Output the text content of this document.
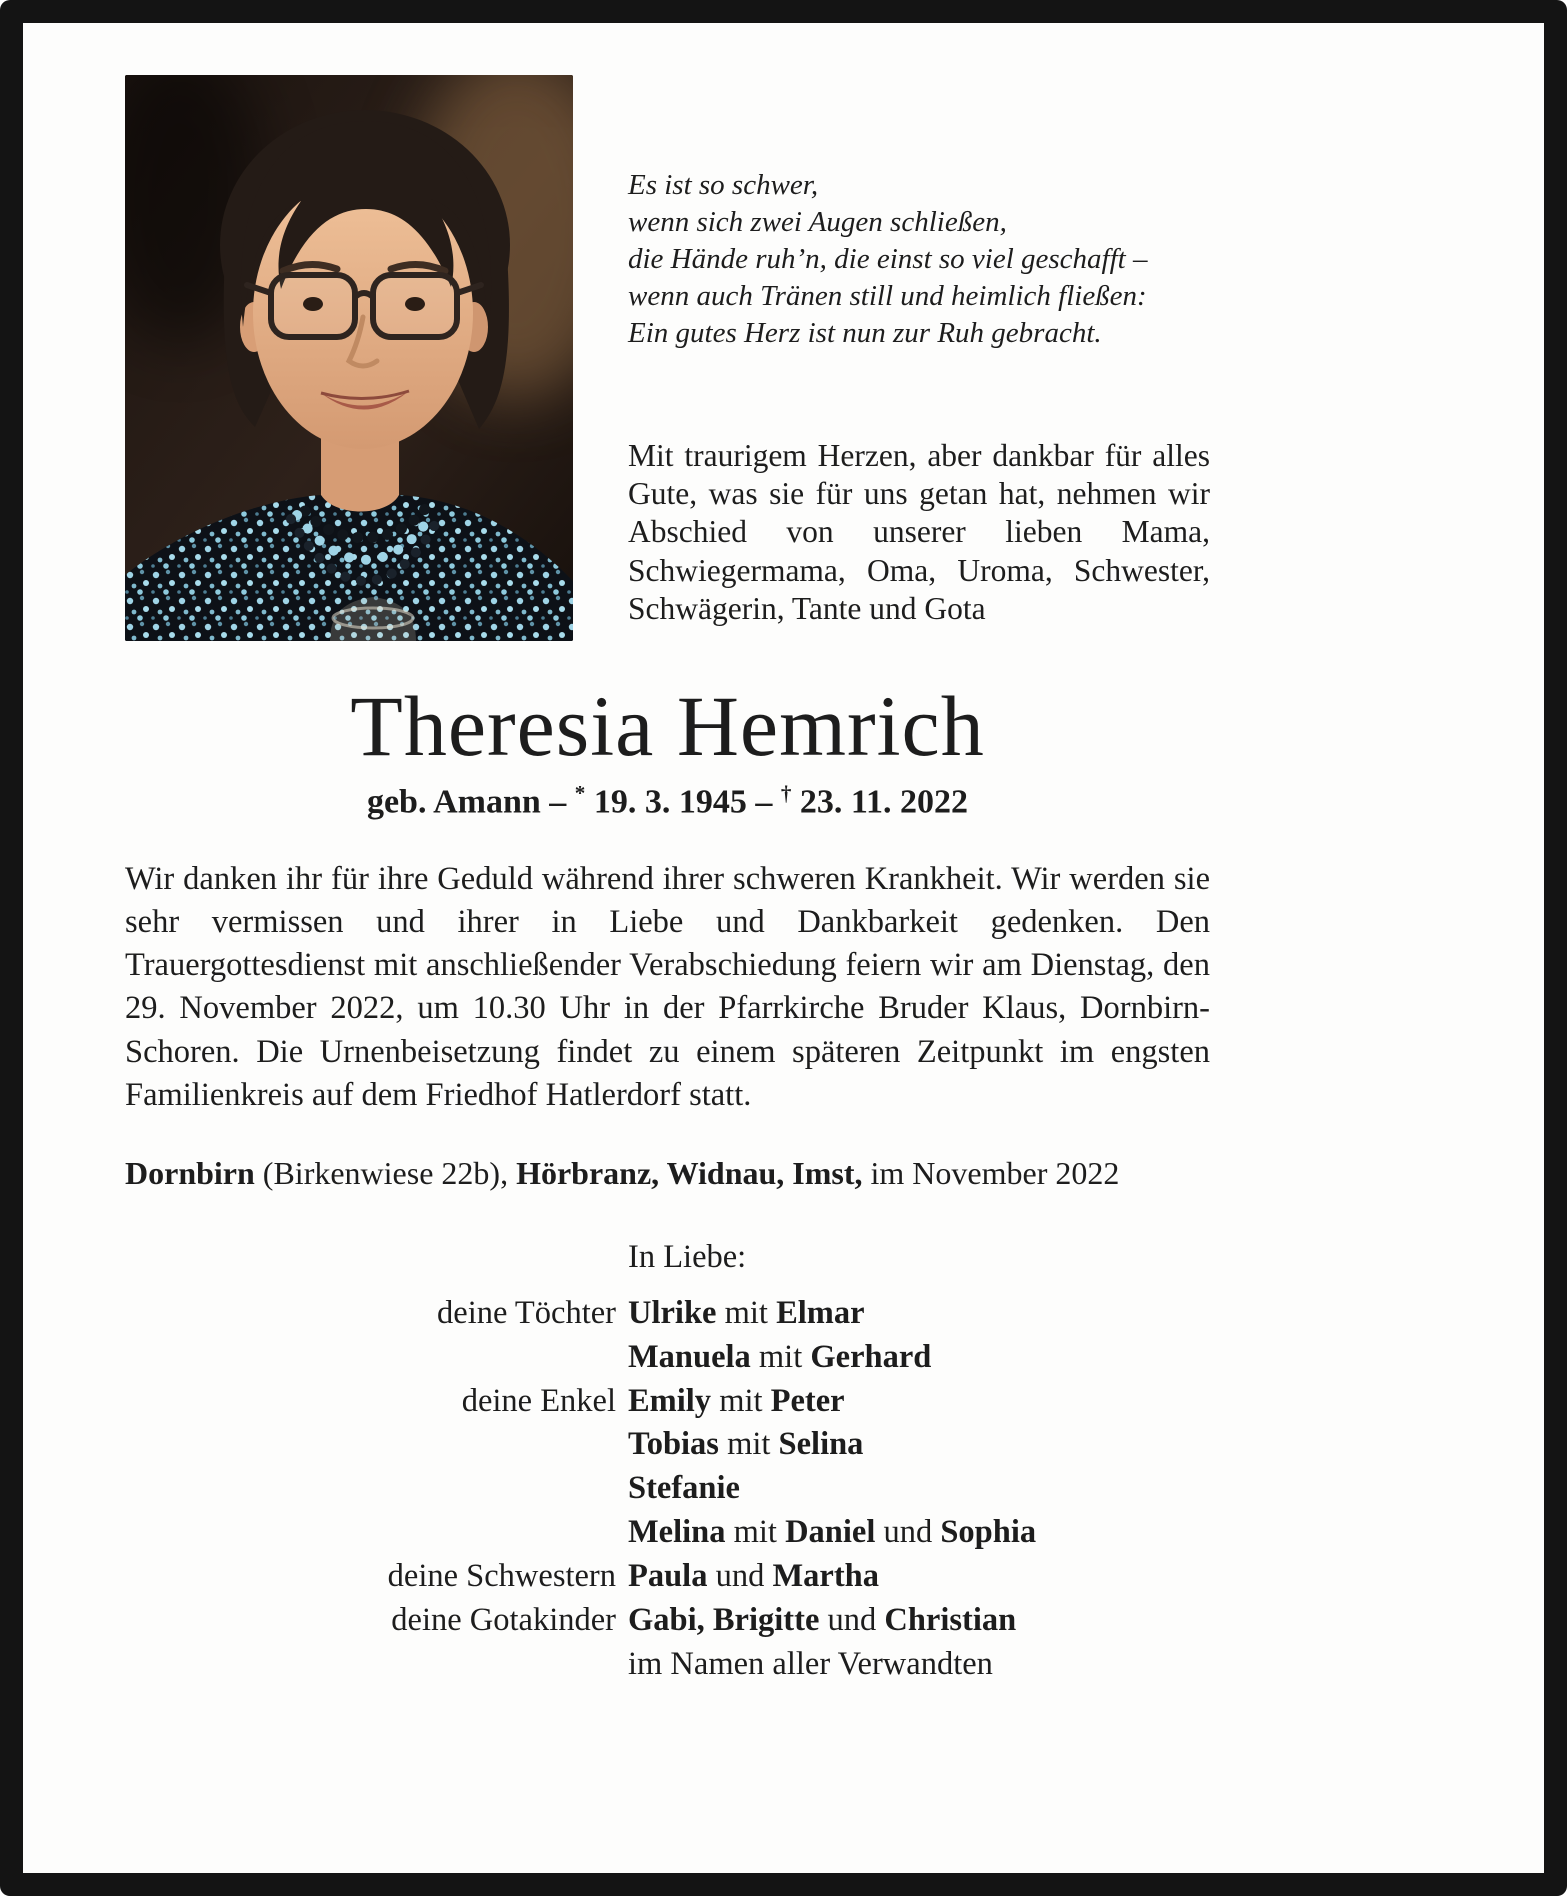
Es ist so schwer,
wenn sich zwei Augen schließen,
die Hände ruh’n, die einst so viel geschafft –
wenn auch Tränen still und heimlich fließen:
Ein gutes Herz ist nun zur Ruh gebracht.

Mit traurigem Herzen, aber dankbar für alles Gute, was sie für uns getan hat, nehmen wir Abschied von unserer lieben Mama, Schwiegermama, Oma, Uroma, Schwester, Schwägerin, Tante und Gota

Theresia Hemrich
geb. Amann – * 19. 3. 1945 – † 23. 11. 2022

Wir danken ihr für ihre Geduld während ihrer schweren Krankheit. Wir werden sie sehr vermissen und ihrer in Liebe und Dankbarkeit gedenken. Den Trauergottesdienst mit anschließender Verabschiedung feiern wir am Dienstag, den 29. November 2022, um 10.30 Uhr in der Pfarrkirche Bruder Klaus, Dornbirn-Schoren. Die Urnenbeisetzung findet zu einem späteren Zeitpunkt im engsten Familienkreis auf dem Friedhof Hatlerdorf statt.

Dornbirn (Birkenwiese 22b), Hörbranz, Widnau, Imst, im November 2022

In Liebe:
deine Töchter Ulrike mit Elmar
Manuela mit Gerhard
deine Enkel Emily mit Peter
Tobias mit Selina
Stefanie
Melina mit Daniel und Sophia
deine Schwestern Paula und Martha
deine Gotakinder Gabi, Brigitte und Christian
im Namen aller Verwandten
